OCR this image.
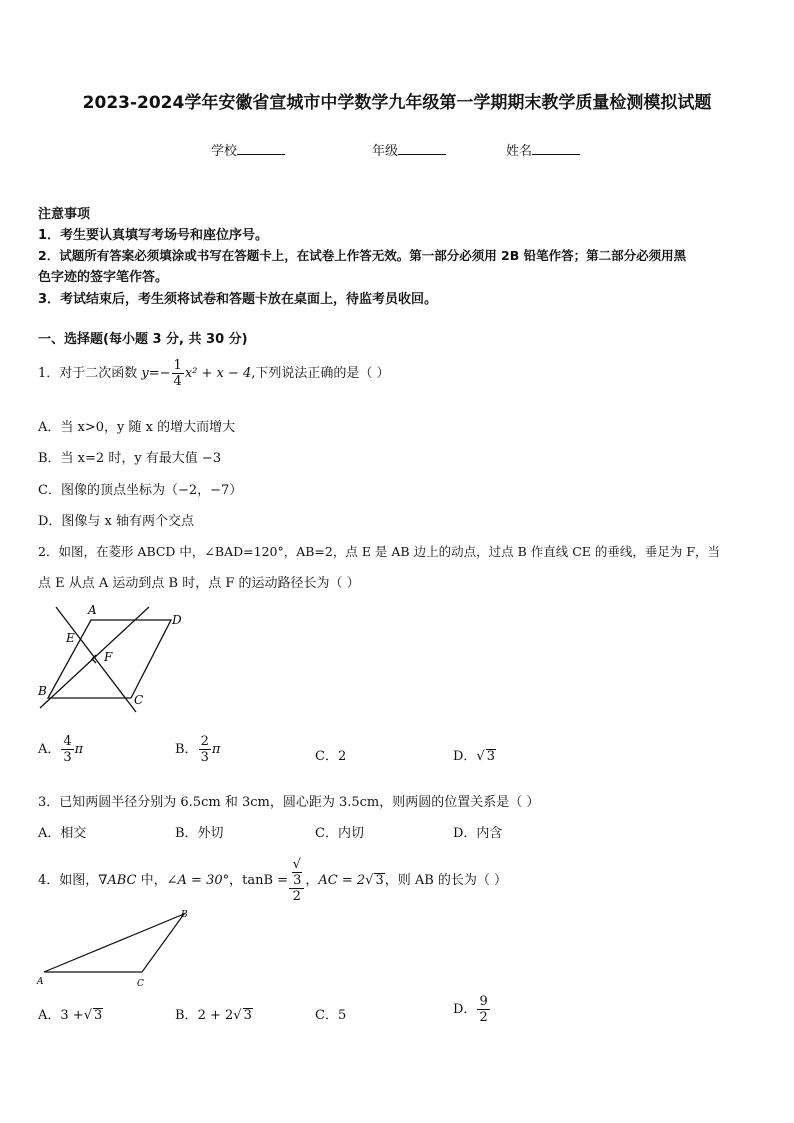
2023-2024学年安徽省宣城市中学数学九年级第一学期期末教学质量检测模拟试题
学校	年级	姓名
注意事项
1．考生要认真填写考场号和座位序号。
2．试题所有答案必须填涂或书写在答题卡上，在试卷上作答无效。第一部分必须用 2B 铅笔作答；第二部分必须用黑
色字迹的签字笔作答。
3．考试结束后，考生须将试卷和答题卡放在桌面上，待监考员收回。
一、选择题(每小题 3 分, 共 30 分)
1．对于二次函数 $y=- \frac{1}{4} x^2 + x - 4$,下列说法正确的是（ ）
A．当 x>0，y 随 x 的增大而增大
B．当 x=2 时，y 有最大值 −3
C．图像的顶点坐标为（−2，−7）
D．图像与 x 轴有两个交点
2．如图，在菱形 ABCD 中，∠BAD=120°，AB=2，点 E 是 AB 边上的动点，过点 B 作直线 CE 的垂线，垂足为 F，当
点 E 从点 A 运动到点 B 时，点 F 的运动路径长为（ ）
A
D
E
F
B
C
A． $\frac{4}{3}$ π	B． $\frac{2}{3}$ π	C．2	D．√ 3
3．已知两圆半径分别为 6.5cm 和 3cm，圆心距为 3.5cm，则两圆的位置关系是（ ）
A．相交	B．外切	C．内切	D．内含
4．如图，∇ABC 中，∠A = 30°，tanB = √
3
2 ，AC = 2√ 3，则 AB 的长为（ ）
A	C
B
A．3 +√ 3	B．2 + 2√ 3	C．5	D． $\frac{9}{2}$
